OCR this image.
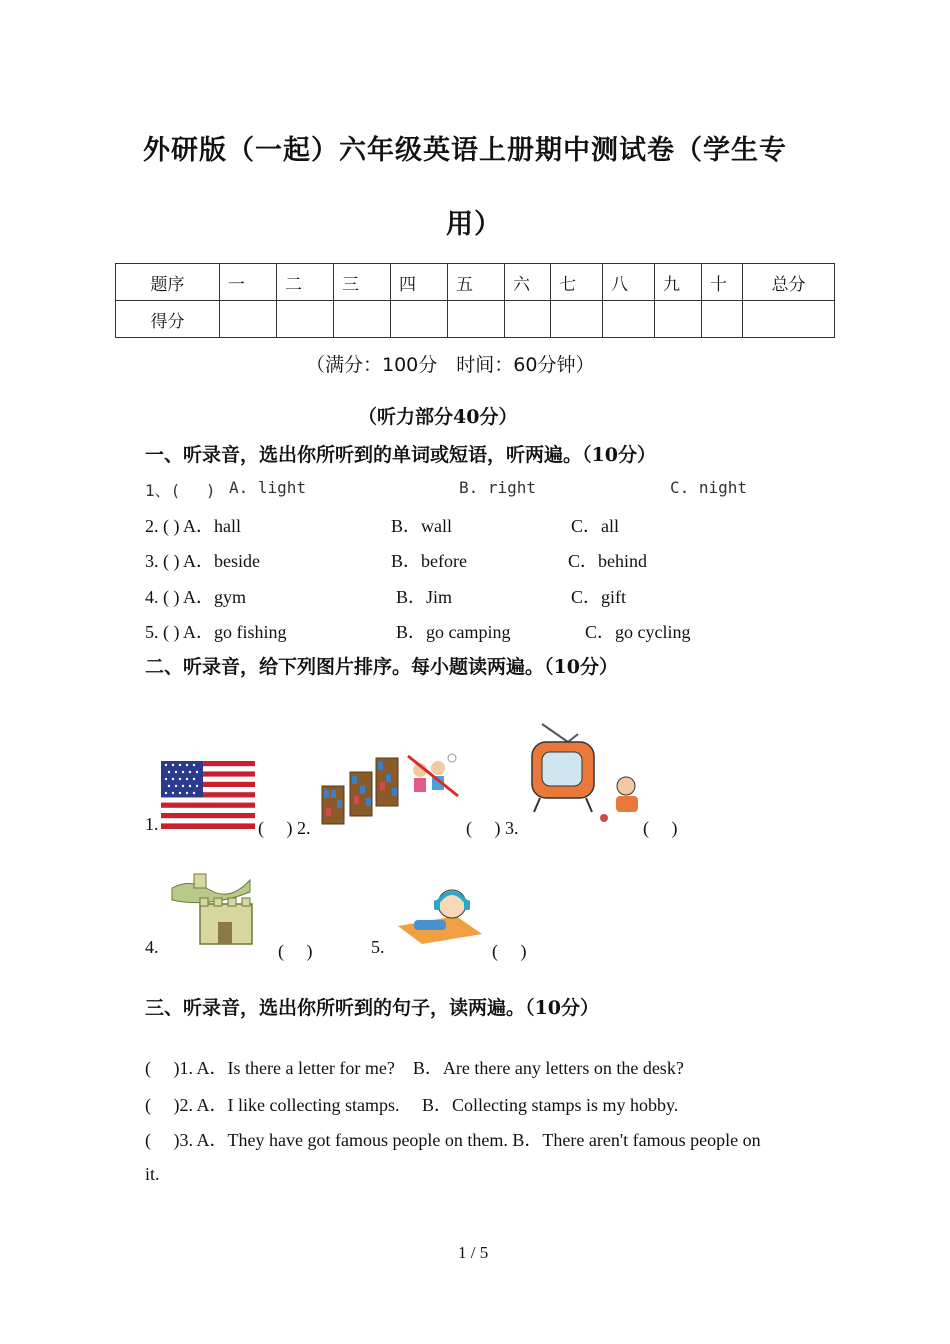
外研版（一起）六年级英语上册期中测试卷（学生专
用）
题序	一	二	三	四	五	六	七	八	九	十	总分
得分											
（满分：100分　时间：60分钟）
（听力部分40分）
一、听录音，选出你所听到的单词或短语，听两遍。（10分）
1、(　 ) A. light	B. right	C. night
2. ( ) A．hall	B．wall	C．all
3. ( ) A．beside	B．before	C．behind
4. ( ) A．gym	B．Jim	C．gift
5. ( ) A．go fishing	B．go camping	C．go cycling
二、听录音，给下列图片排序。每小题读两遍。（10分）
1.	(　 ) 2.	(　 ) 3.	(　 )
4.	(　 )	5.	(　 )
三、听录音，选出你所听到的句子，读两遍。（10分）
(　 )1. A．Is there a letter for me?　B．Are there any letters on the desk?
(　 )2. A．I like collecting stamps.　 B．Collecting stamps is my hobby.
(　 )3. A．They have got famous people on them. B．There aren't famous people on
it.
1 / 5
